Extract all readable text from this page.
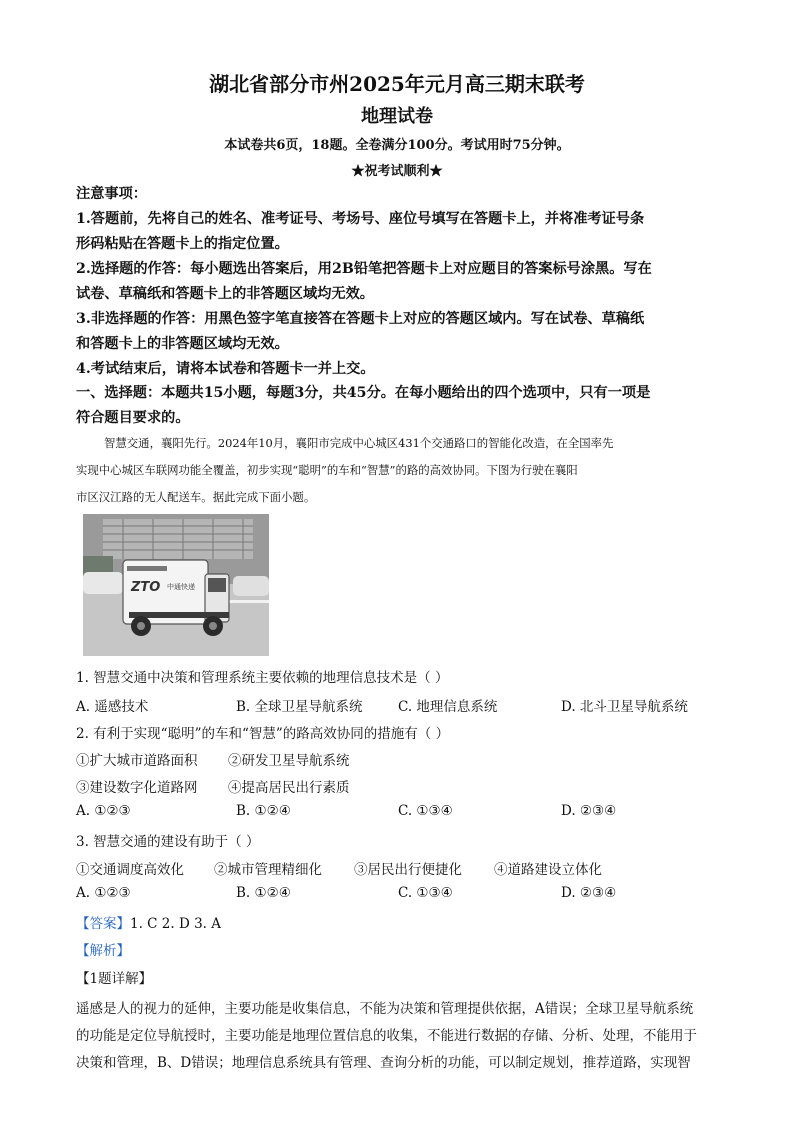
湖北省部分市州2025年元月高三期末联考
地理试卷
本试卷共6页，18题。全卷满分100分。考试用时75分钟。
★祝考试顺利★
注意事项：
1.答题前，先将自己的姓名、准考证号、考场号、座位号填写在答题卡上，并将准考证号条
形码粘贴在答题卡上的指定位置。
2.选择题的作答：每小题选出答案后，用2B铅笔把答题卡上对应题目的答案标号涂黑。写在
试卷、草稿纸和答题卡上的非答题区域均无效。
3.非选择题的作答：用黑色签字笔直接答在答题卡上对应的答题区域内。写在试卷、草稿纸
和答题卡上的非答题区域均无效。
4.考试结束后，请将本试卷和答题卡一并上交。
一、选择题：本题共15小题，每题3分，共45分。在每小题给出的四个选项中，只有一项是
符合题目要求的。
智慧交通，襄阳先行。2024年10月，襄阳市完成中心城区431个交通路口的智能化改造，在全国率先
实现中心城区车联网功能全覆盖，初步实现“聪明”的车和“智慧”的路的高效协同。下图为行驶在襄阳
市区汉江路的无人配送车。据此完成下面小题。
ZTO 中通快递
1. 智慧交通中决策和管理系统主要依赖的地理信息技术是（ ）
A. 遥感技术	B. 全球卫星导航系统	C. 地理信息系统	D. 北斗卫星导航系统
2. 有利于实现“聪明”的车和“智慧”的路高效协同的措施有（ ）
①扩大城市道路面积 ②研发卫星导航系统
③建设数字化道路网 ④提高居民出行素质
A. ①②③	B. ①②④	C. ①③④	D. ②③④
3. 智慧交通的建设有助于（ ）
①交通调度高效化 ②城市管理精细化 ③居民出行便捷化 ④道路建设立体化
A. ①②③	B. ①②④	C. ①③④	D. ②③④
【答案】1. C 2. D 3. A
【解析】
【1题详解】
遥感是人的视力的延伸，主要功能是收集信息，不能为决策和管理提供依据，A错误；全球卫星导航系统
的功能是定位导航授时，主要功能是地理位置信息的收集，不能进行数据的存储、分析、处理，不能用于
决策和管理，B、D错误；地理信息系统具有管理、查询分析的功能，可以制定规划，推荐道路，实现智
